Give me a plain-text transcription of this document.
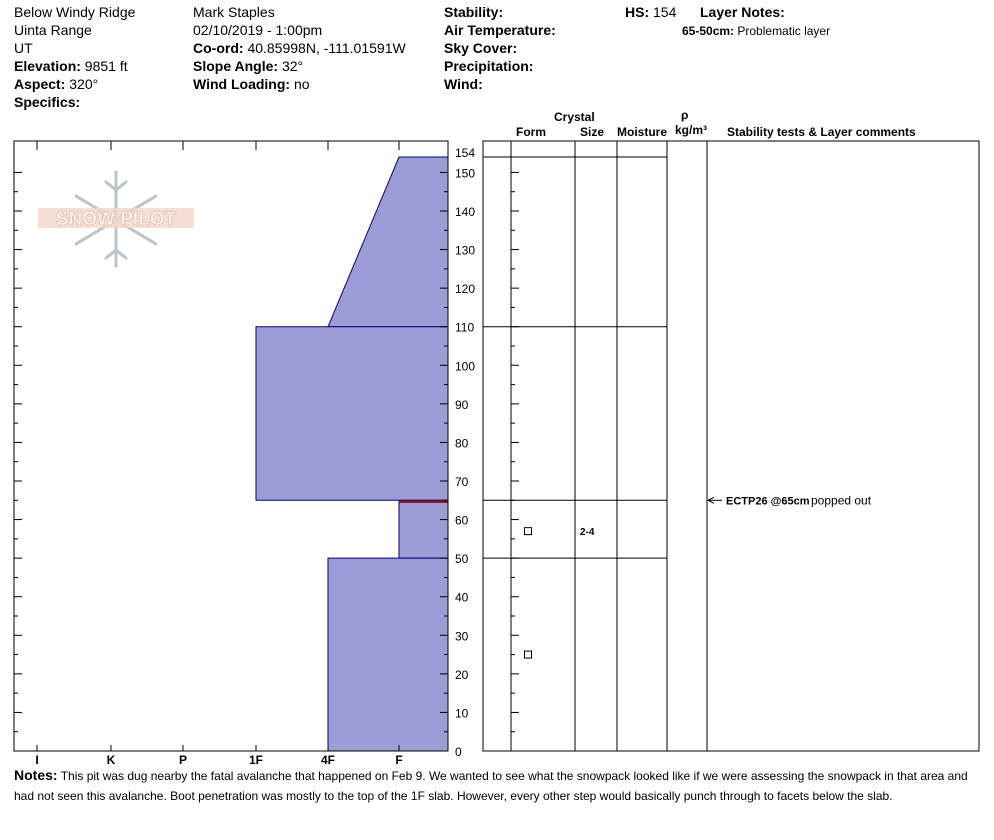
Below Windy Ridge
Uinta Range
UT
Elevation: 9851 ft
Aspect: 320°
Specifics:
Mark Staples
02/10/2019 - 1:00pm
Co-ord: 40.85998N, -111.01591W
Slope Angle: 32°
Wind Loading: no
Stability:
Air Temperature:
Sky Cover:
Precipitation:
Wind:
HS: 154 Layer Notes:
65-50cm: Problematic layer
Crystal
Form	Size Moisture
ρ
kg/m³ Stability tests & Layer comments
SNOW PILOT
0
10
20
30
40
50
60
70
80
90
100
110
120
130
140
150
154
I	K	P	1F	4F	F
2-4
ECTP26 @65cm popped out
Notes: This pit was dug nearby the fatal avalanche that happened on Feb 9. We wanted to see what the snowpack looked like if we were assessing the snowpack in that area and had not seen this avalanche. Boot penetration was mostly to the top of the 1F slab. However, every other step would basically punch through to facets below the slab.
